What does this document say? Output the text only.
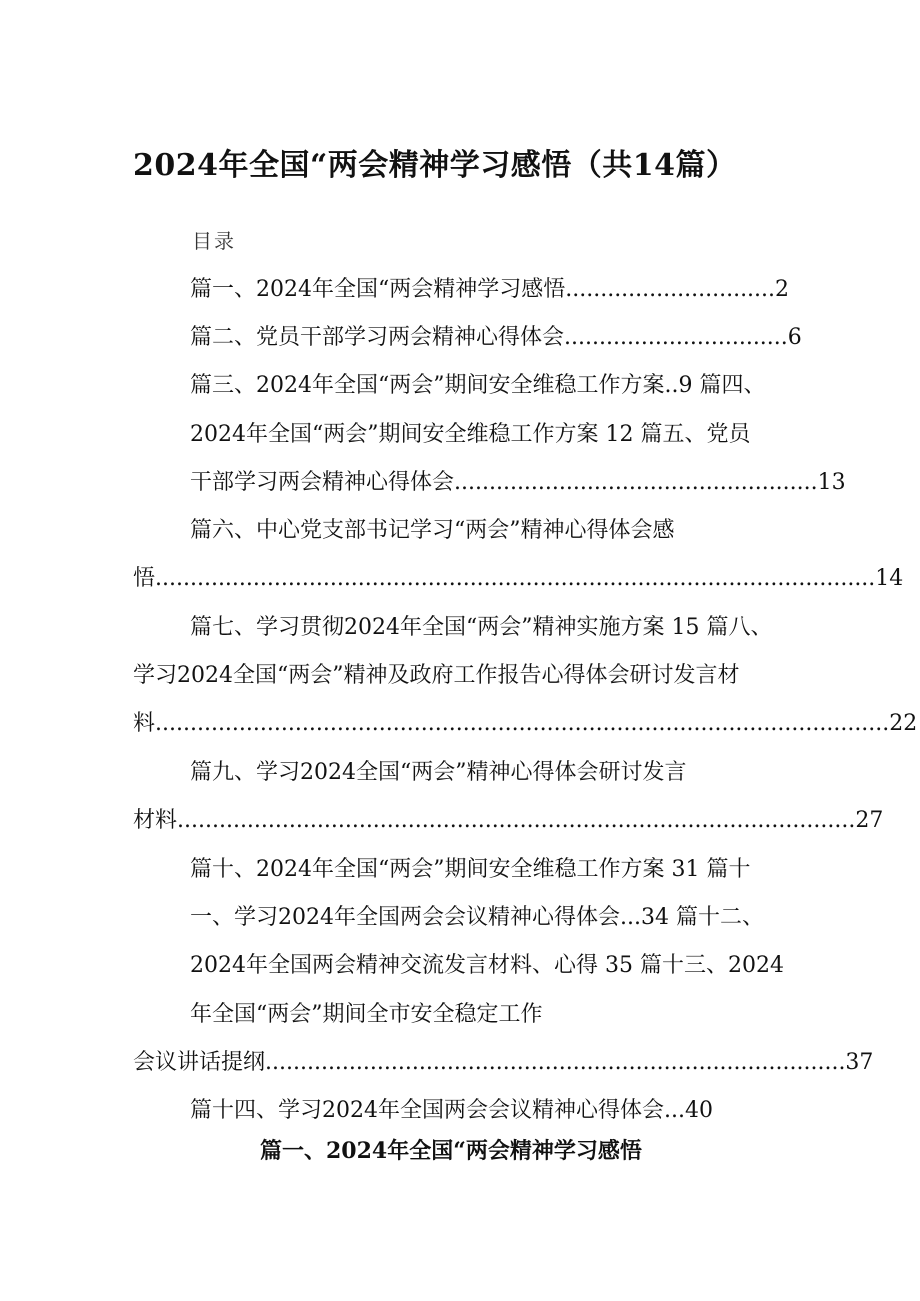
2024年全国“两会精神学习感悟（共14篇）
目录
篇一、2024年全国“两会精神学习感悟..............................2
篇二、党员干部学习两会精神心得体会................................6
篇三、2024年全国“两会”期间安全维稳工作方案..9 篇四、
2024年全国“两会”期间安全维稳工作方案 12 篇五、党员
干部学习两会精神心得体会....................................................13
篇六、中心党支部书记学习“两会”精神心得体会感
悟.......................................................................................................14
篇七、学习贯彻2024年全国“两会”精神实施方案 15 篇八、
学习2024全国“两会”精神及政府工作报告心得体会研讨发言材
料.........................................................................................................22
篇九、学习2024全国“两会”精神心得体会研讨发言
材料.................................................................................................27
篇十、2024年全国“两会”期间安全维稳工作方案 31 篇十
一、学习2024年全国两会会议精神心得体会...34 篇十二、
2024年全国两会精神交流发言材料、心得 35 篇十三、2024
年全国“两会”期间全市安全稳定工作
会议讲话提纲...................................................................................37
篇十四、学习2024年全国两会会议精神心得体会...40
篇一、2024年全国“两会精神学习感悟
